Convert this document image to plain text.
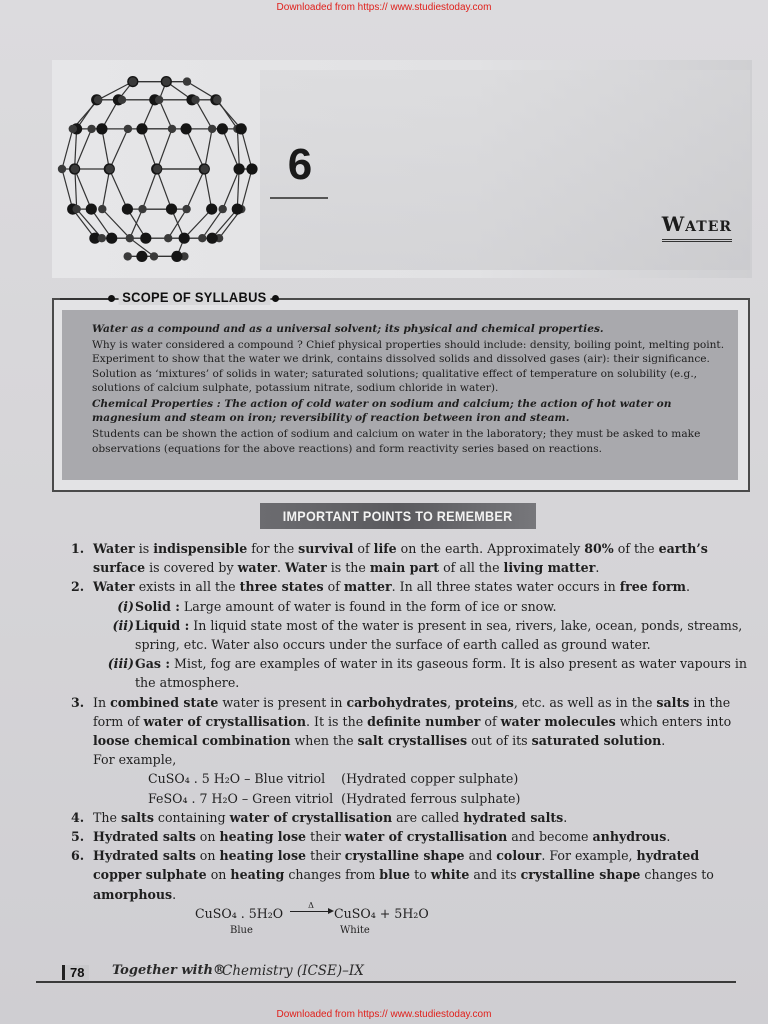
Downloaded from https:// www.studiestoday.com
6
Water
SCOPE OF SYLLABUS

Water as a compound and as a universal solvent; its physical and chemical properties.

Why is water considered a compound ? Chief physical properties should include: density, boiling point, melting point. Experiment to show that the water we drink, contains dissolved solids and dissolved gases (air): their significance. Solution as ‘mixtures’ of solids in water; saturated solutions; qualitative effect of temperature on solubility (e.g., solutions of calcium sulphate, potassium nitrate, sodium chloride in water).

Chemical Properties : The action of cold water on sodium and calcium; the action of hot water on magnesium and steam on iron; reversibility of reaction between iron and steam.

Students can be shown the action of sodium and calcium on water in the laboratory; they must be asked to make observations (equations for the above reactions) and form reactivity series based on reactions.

IMPORTANT POINTS TO REMEMBER
1. Water is indispensible for the survival of life on the earth. Approximately 80% of the earth’s surface is covered by water. Water is the main part of all the living matter.
2. Water exists in all the three states of matter. In all three states water occurs in free form.
(i) Solid : Large amount of water is found in the form of ice or snow.
(ii) Liquid : In liquid state most of the water is present in sea, rivers, lake, ocean, ponds, streams, spring, etc. Water also occurs under the surface of earth called as ground water.
(iii) Gas : Mist, fog are examples of water in its gaseous form. It is also present as water vapours in the atmosphere.
3. In combined state water is present in carbohydrates, proteins, etc. as well as in the salts in the form of water of crystallisation. It is the definite number of water molecules which enters into loose chemical combination when the salt crystallises out of its saturated solution.
For example,
CuSO₄ . 5 H₂O – Blue vitriol (Hydrated copper sulphate)
FeSO₄ . 7 H₂O – Green vitriol (Hydrated ferrous sulphate)
4. The salts containing water of crystallisation are called hydrated salts.
5. Hydrated salts on heating lose their water of crystallisation and become anhydrous.
6. Hydrated salts on heating lose their crystalline shape and colour. For example, hydrated copper sulphate on heating changes from blue to white and its crystalline shape changes to amorphous.
CuSO₄ . 5H₂O
Δ
CuSO₄ + 5H₂O
Blue	White
78	Together with®
Chemistry (ICSE)–IX
Downloaded from https:// www.studiestoday.com
